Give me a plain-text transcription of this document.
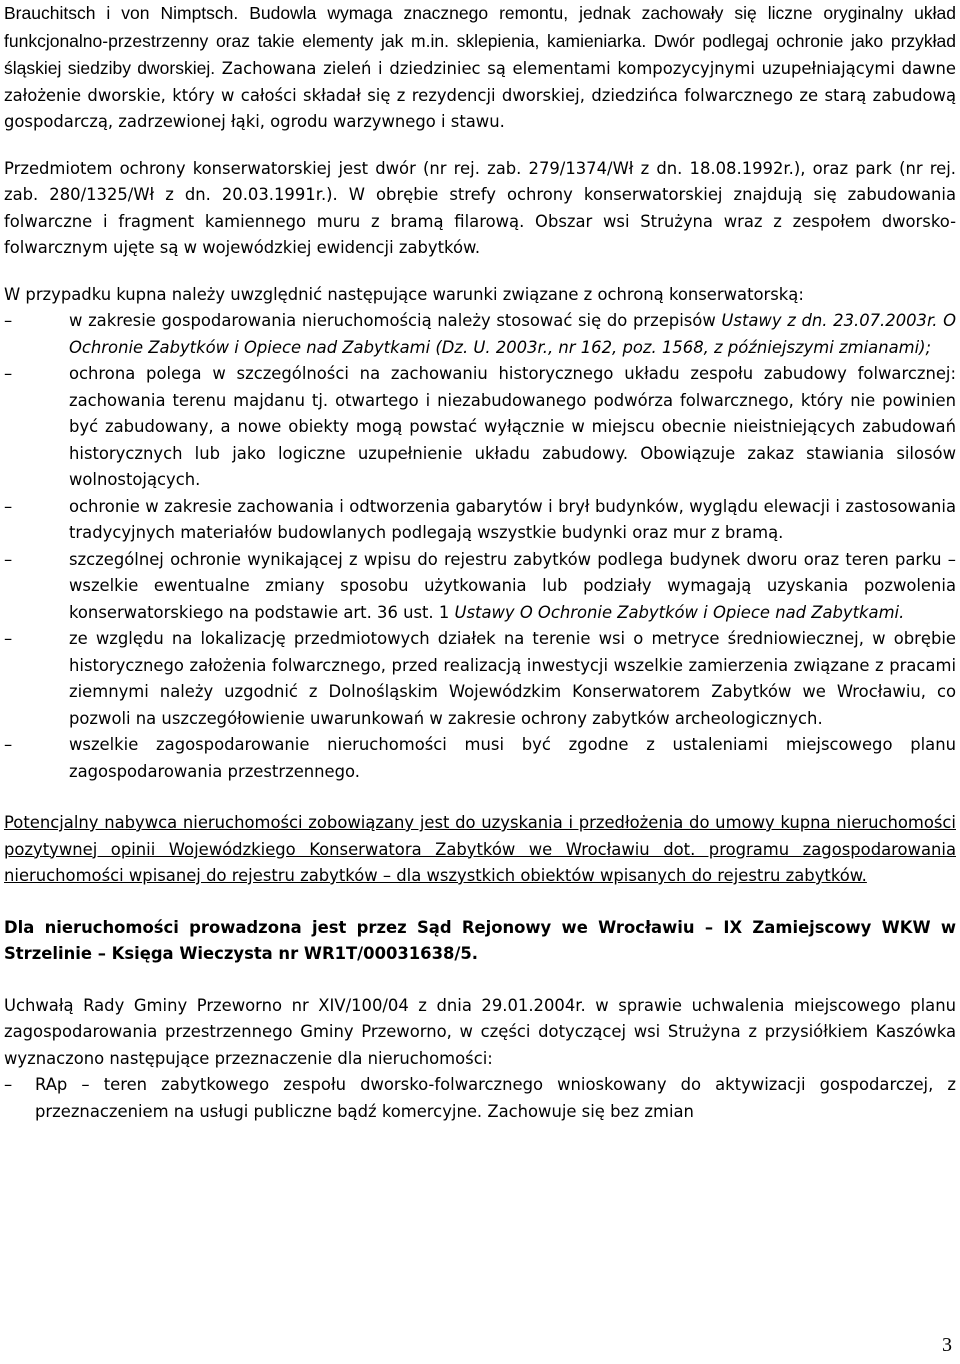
Brauchitsch i von Nimptsch. Budowla wymaga znacznego remontu, jednak zachowały się liczne oryginalny układ funkcjonalno-przestrzenny oraz takie elementy jak m.in. sklepienia, kamieniarka. Dwór podlegaj ochronie jako przykład śląskiej siedziby dworskiej. Zachowana zieleń i dziedziniec są elementami kompozycyjnymi uzupełniającymi dawne założenie dworskie, który w całości składał się z rezydencji dworskiej, dziedzińca folwarcznego ze starą zabudową gospodarczą, zadrzewionej łąki, ogrodu warzywnego i stawu.

Przedmiotem ochrony konserwatorskiej jest dwór (nr rej. zab. 279/1374/Wł z dn. 18.08.1992r.), oraz park (nr rej. zab. 280/1325/Wł z dn. 20.03.1991r.). W obrębie strefy ochrony konserwatorskiej znajdują się zabudowania folwarczne i fragment kamiennego muru z bramą filarową. Obszar wsi Strużyna wraz z zespołem dworsko-folwarcznym ujęte są w wojewódzkiej ewidencji zabytków.

W przypadku kupna należy uwzględnić następujące warunki związane z ochroną konserwatorską:

–	w zakresie gospodarowania nieruchomością należy stosować się do przepisów Ustawy z dn. 23.07.2003r. O Ochronie Zabytków i Opiece nad Zabytkami (Dz. U. 2003r., nr 162, poz. 1568, z późniejszymi zmianami);
–	ochrona polega w szczególności na zachowaniu historycznego układu zespołu zabudowy folwarcznej: zachowania terenu majdanu tj. otwartego i niezabudowanego podwórza folwarcznego, który nie powinien być zabudowany, a nowe obiekty mogą powstać wyłącznie w miejscu obecnie nieistniejących zabudowań historycznych lub jako logiczne uzupełnienie układu zabudowy. Obowiązuje zakaz stawiania silosów wolnostojących.
–	ochronie w zakresie zachowania i odtworzenia gabarytów i brył budynków, wyglądu elewacji i zastosowania tradycyjnych materiałów budowlanych podlegają wszystkie budynki oraz mur z bramą.
–	szczególnej ochronie wynikającej z wpisu do rejestru zabytków podlega budynek dworu oraz teren parku – wszelkie ewentualne zmiany sposobu użytkowania lub podziały wymagają uzyskania pozwolenia konserwatorskiego na podstawie art. 36 ust. 1 Ustawy O Ochronie Zabytków i Opiece nad Zabytkami.
–	ze względu na lokalizację przedmiotowych działek na terenie wsi o metryce średniowiecznej, w obrębie historycznego założenia folwarcznego, przed realizacją inwestycji wszelkie zamierzenia związane z pracami ziemnymi należy uzgodnić z Dolnośląskim Wojewódzkim Konserwatorem Zabytków we Wrocławiu, co pozwoli na uszczegółowienie uwarunkowań w zakresie ochrony zabytków archeologicznych.
–	wszelkie zagospodarowanie nieruchomości musi być zgodne z ustaleniami miejscowego planu zagospodarowania przestrzennego.

Potencjalny nabywca nieruchomości zobowiązany jest do uzyskania i przedłożenia do umowy kupna nieruchomości pozytywnej opinii Wojewódzkiego Konserwatora Zabytków we Wrocławiu dot. programu zagospodarowania nieruchomości wpisanej do rejestru zabytków – dla wszystkich obiektów wpisanych do rejestru zabytków.

Dla nieruchomości prowadzona jest przez Sąd Rejonowy we Wrocławiu – IX Zamiejscowy WKW w Strzelinie – Księga Wieczysta nr WR1T/00031638/5.

Uchwałą Rady Gminy Przeworno nr XIV/100/04 z dnia 29.01.2004r. w sprawie uchwalenia miejscowego planu zagospodarowania przestrzennego Gminy Przeworno, w części dotyczącej wsi Strużyna z przysiółkiem Kaszówka wyznaczono następujące przeznaczenie dla nieruchomości:

–	RAp – teren zabytkowego zespołu dworsko-folwarcznego wnioskowany do aktywizacji gospodarczej, z przeznaczeniem na usługi publiczne bądź komercyjne. Zachowuje się bez zmian
3
